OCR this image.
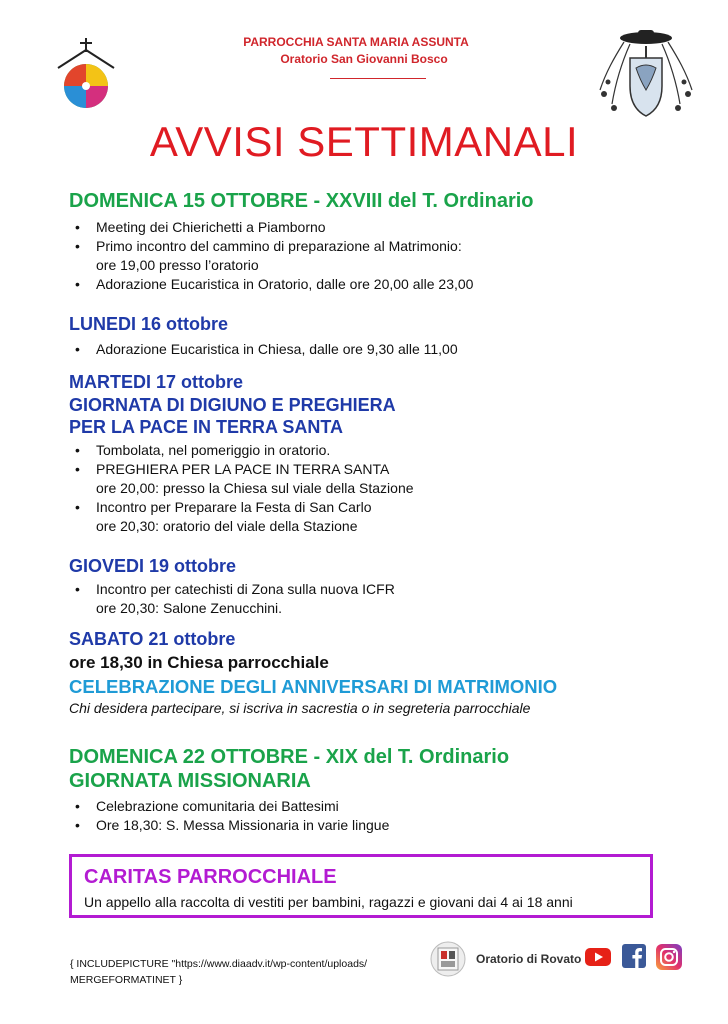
PARROCCHIA SANTA MARIA ASSUNTA
Oratorio San Giovanni Bosco
AVVISI SETTIMANALI
DOMENICA 15 OTTOBRE - XXVIII del T. Ordinario
• Meeting dei Chierichetti a Piamborno
• Primo incontro del cammino di preparazione al Matrimonio:
ore 19,00 presso l’oratorio
• Adorazione Eucaristica in Oratorio, dalle ore 20,00 alle 23,00
LUNEDI 16 ottobre
• Adorazione Eucaristica in Chiesa, dalle ore 9,30 alle 11,00
MARTEDI 17 ottobre
GIORNATA DI DIGIUNO E PREGHIERA
PER LA PACE IN TERRA SANTA
• Tombolata, nel pomeriggio in oratorio.
• PREGHIERA PER LA PACE IN TERRA SANTA
ore 20,00: presso la Chiesa sul viale della Stazione
• Incontro per Preparare la Festa di San Carlo
ore 20,30: oratorio del viale della Stazione
GIOVEDI 19 ottobre
• Incontro per catechisti di Zona sulla nuova ICFR
ore 20,30: Salone Zenucchini.
SABATO 21 ottobre
ore 18,30 in Chiesa parrocchiale
CELEBRAZIONE DEGLI ANNIVERSARI DI MATRIMONIO
Chi desidera partecipare, si iscriva in sacrestia o in segreteria parrocchiale
DOMENICA 22 OTTOBRE - XIX del T. Ordinario
GIORNATA MISSIONARIA
• Celebrazione comunitaria dei Battesimi
• Ore 18,30: S. Messa Missionaria in varie lingue
CARITAS PARROCCHIALE
Un appello alla raccolta di vestiti per bambini, ragazzi e giovani dai 4 ai 18 anni
{ INCLUDEPICTURE "https://www.diaadv.it/wp-content/uploads/
MERGEFORMATINET }
Oratorio di Rovato
